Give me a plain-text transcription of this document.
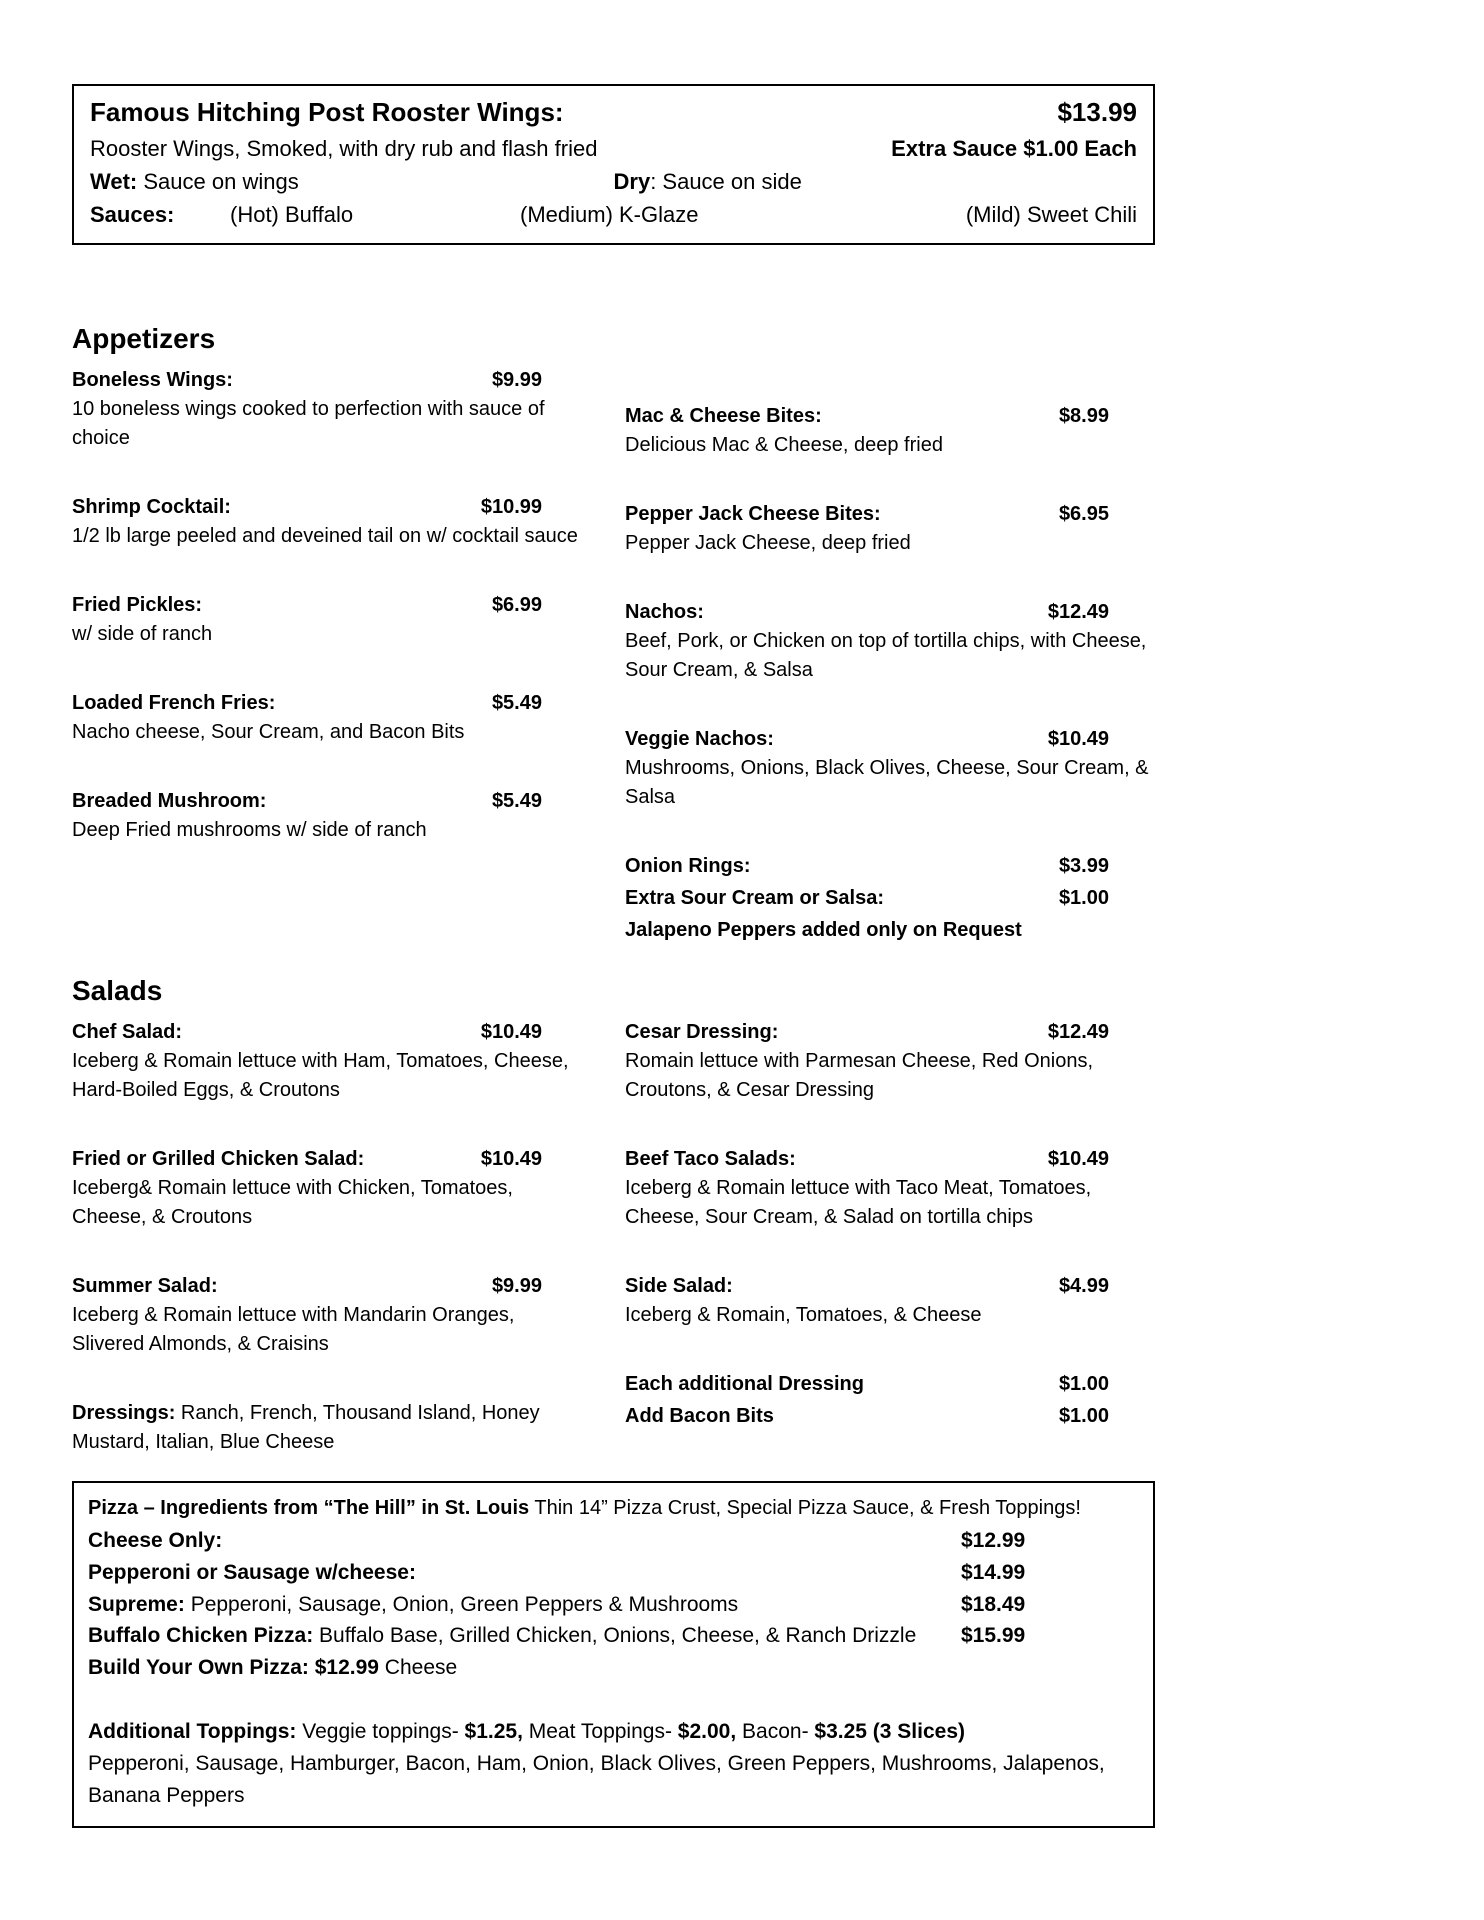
Famous Hitching Post Rooster Wings:	$13.99
Rooster Wings, Smoked, with dry rub and flash fried	Extra Sauce $1.00 Each
Wet: Sauce on wings	Dry: Sauce on side
Sauces:	(Hot) Buffalo	(Medium) K-Glaze	(Mild) Sweet Chili
Appetizers
Boneless Wings:	$9.99
10 boneless wings cooked to perfection with sauce of choice
Shrimp Cocktail:	$10.99
1/2 lb large peeled and deveined tail on w/ cocktail sauce
Fried Pickles:	$6.99
w/ side of ranch
Loaded French Fries:	$5.49
Nacho cheese, Sour Cream, and Bacon Bits
Breaded Mushroom:	$5.49
Deep Fried mushrooms w/ side of ranch
Mac & Cheese Bites:	$8.99
Delicious Mac & Cheese, deep fried
Pepper Jack Cheese Bites:	$6.95
Pepper Jack Cheese, deep fried
Nachos:	$12.49
Beef, Pork, or Chicken on top of tortilla chips, with Cheese, Sour Cream, & Salsa
Veggie Nachos:	$10.49
Mushrooms, Onions, Black Olives, Cheese, Sour Cream, & Salsa
Onion Rings:	$3.99
Extra Sour Cream or Salsa:	$1.00
Jalapeno Peppers added only on Request
Salads
Chef Salad:	$10.49
Iceberg & Romain lettuce with Ham, Tomatoes, Cheese, Hard-Boiled Eggs, & Croutons
Fried or Grilled Chicken Salad:	$10.49
Iceberg& Romain lettuce with Chicken, Tomatoes, Cheese, & Croutons
Summer Salad:	$9.99
Iceberg & Romain lettuce with Mandarin Oranges, Slivered Almonds, & Craisins
Dressings: Ranch, French, Thousand Island, Honey Mustard, Italian, Blue Cheese
Cesar Dressing:	$12.49
Romain lettuce with Parmesan Cheese, Red Onions, Croutons, & Cesar Dressing
Beef Taco Salads:	$10.49
Iceberg & Romain lettuce with Taco Meat, Tomatoes, Cheese, Sour Cream, & Salad on tortilla chips
Side Salad:	$4.99
Iceberg & Romain, Tomatoes, & Cheese
Each additional Dressing	$1.00
Add Bacon Bits	$1.00
Pizza – Ingredients from “The Hill” in St. Louis Thin 14” Pizza Crust, Special Pizza Sauce, & Fresh Toppings!
Cheese Only:	$12.99
Pepperoni or Sausage w/cheese:	$14.99
Supreme: Pepperoni, Sausage, Onion, Green Peppers & Mushrooms	$18.49
Buffalo Chicken Pizza: Buffalo Base, Grilled Chicken, Onions, Cheese, & Ranch Drizzle	$15.99
Build Your Own Pizza: $12.99 Cheese
Additional Toppings: Veggie toppings- $1.25, Meat Toppings- $2.00, Bacon- $3.25 (3 Slices)
Pepperoni, Sausage, Hamburger, Bacon, Ham, Onion, Black Olives, Green Peppers, Mushrooms, Jalapenos, Banana Peppers
